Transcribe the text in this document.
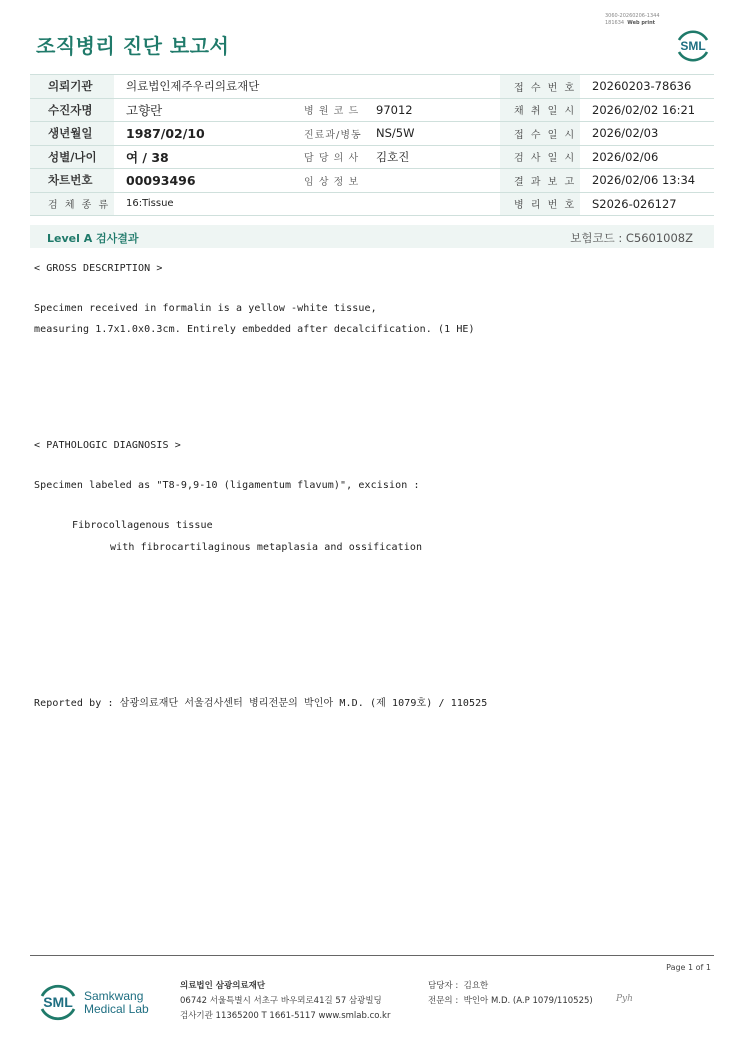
3060-20260206-1344
181634 Web print
조직병리 진단 보고서	SML
의뢰기관	의료법인제주우리의료재단			접 수 번 호	20260203-78636
수진자명	고향란	병 원 코 드	97012		채 취 일 시	2026/02/02 16:21
생년월일	1987/02/10	진료과/병동	NS/5W		접 수 일 시	2026/02/03
성별/나이	여 / 38	담 당 의 사	김호진		검 사 일 시	2026/02/06
차트번호	00093496	임 상 정 보			결 과 보 고	2026/02/06 13:34
검 체 종 류	16:Tissue			병 리 번 호	S2026-026127
Level A 검사결과	보험코드 : C5601008Z
< GROSS DESCRIPTION >
Specimen received in formalin is a yellow -white tissue,
measuring 1.7x1.0x0.3cm. Entirely embedded after decalcification. (1 HE)
< PATHOLOGIC DIAGNOSIS >
Specimen labeled as "T8-9,9-10 (ligamentum flavum)", excision :
Fibrocollagenous tissue
with fibrocartilaginous metaplasia and ossification
Reported by : 삼광의료재단 서울검사센터 병리전문의 박인아 M.D. (제 1079호) / 110525
Page 1 of 1
SML Samkwang
Medical Lab
의료법인 삼광의료재단
06742 서울특별시 서초구 바우뫼로41길 57 삼광빌딩
검사기관 11365200 T 1661-5117 www.smlab.co.kr
담당자 : 김요한
전문의 : 박인아 M.D. (A.P 1079/110525)	Pyh
